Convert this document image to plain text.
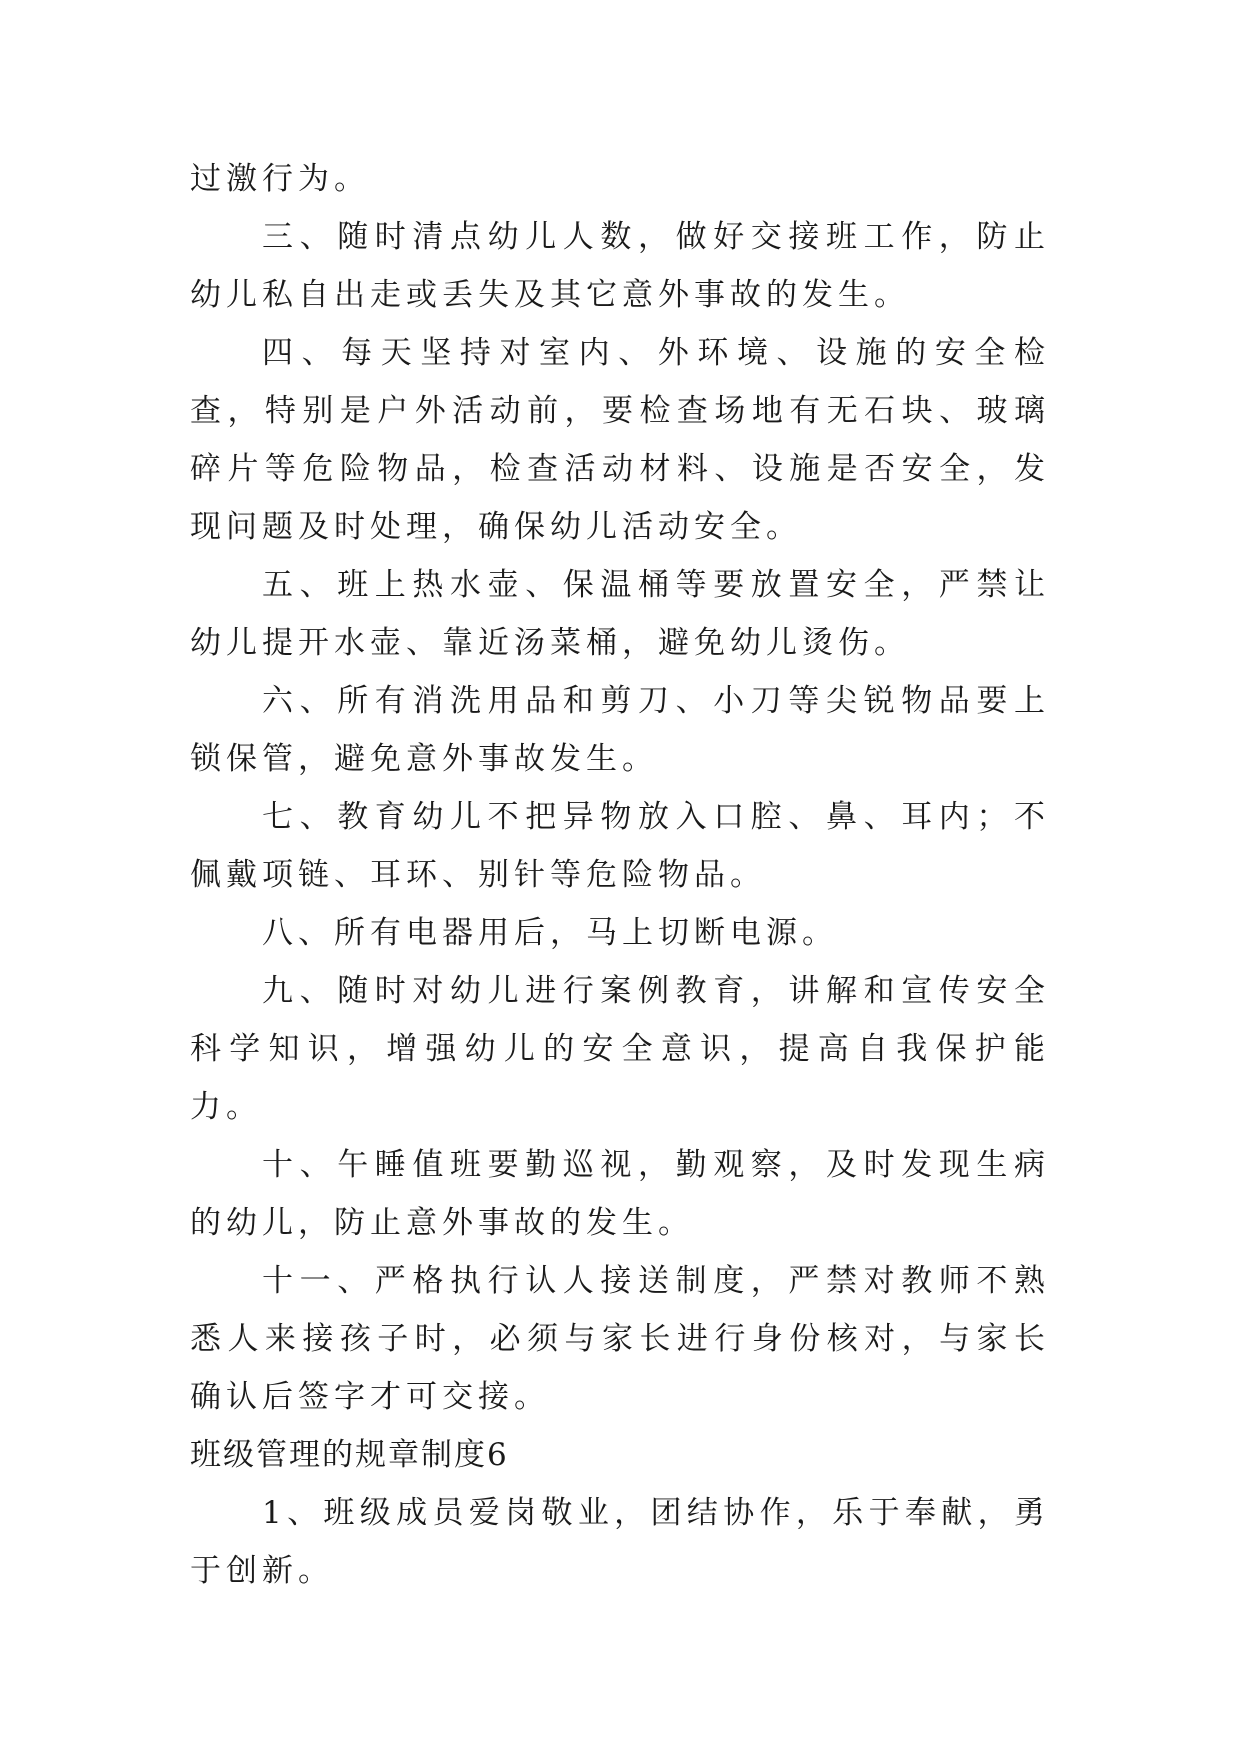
过激行为。

三、随时清点幼儿人数，做好交接班工作，防止幼儿私自出走或丢失及其它意外事故的发生。

四、每天坚持对室内、外环境、设施的安全检查，特别是户外活动前，要检查场地有无石块、玻璃碎片等危险物品，检查活动材料、设施是否安全，发现问题及时处理，确保幼儿活动安全。

五、班上热水壶、保温桶等要放置安全，严禁让幼儿提开水壶、靠近汤菜桶，避免幼儿烫伤。

六、所有消洗用品和剪刀、小刀等尖锐物品要上锁保管，避免意外事故发生。

七、教育幼儿不把异物放入口腔、鼻、耳内；不佩戴项链、耳环、别针等危险物品。

八、所有电器用后，马上切断电源。

九、随时对幼儿进行案例教育，讲解和宣传安全科学知识，增强幼儿的安全意识，提高自我保护能力。

十、午睡值班要勤巡视，勤观察，及时发现生病的幼儿，防止意外事故的发生。

十一、严格执行认人接送制度，严禁对教师不熟悉人来接孩子时，必须与家长进行身份核对，与家长确认后签字才可交接。

班级管理的规章制度6

1、班级成员爱岗敬业，团结协作，乐于奉献，勇于创新。
